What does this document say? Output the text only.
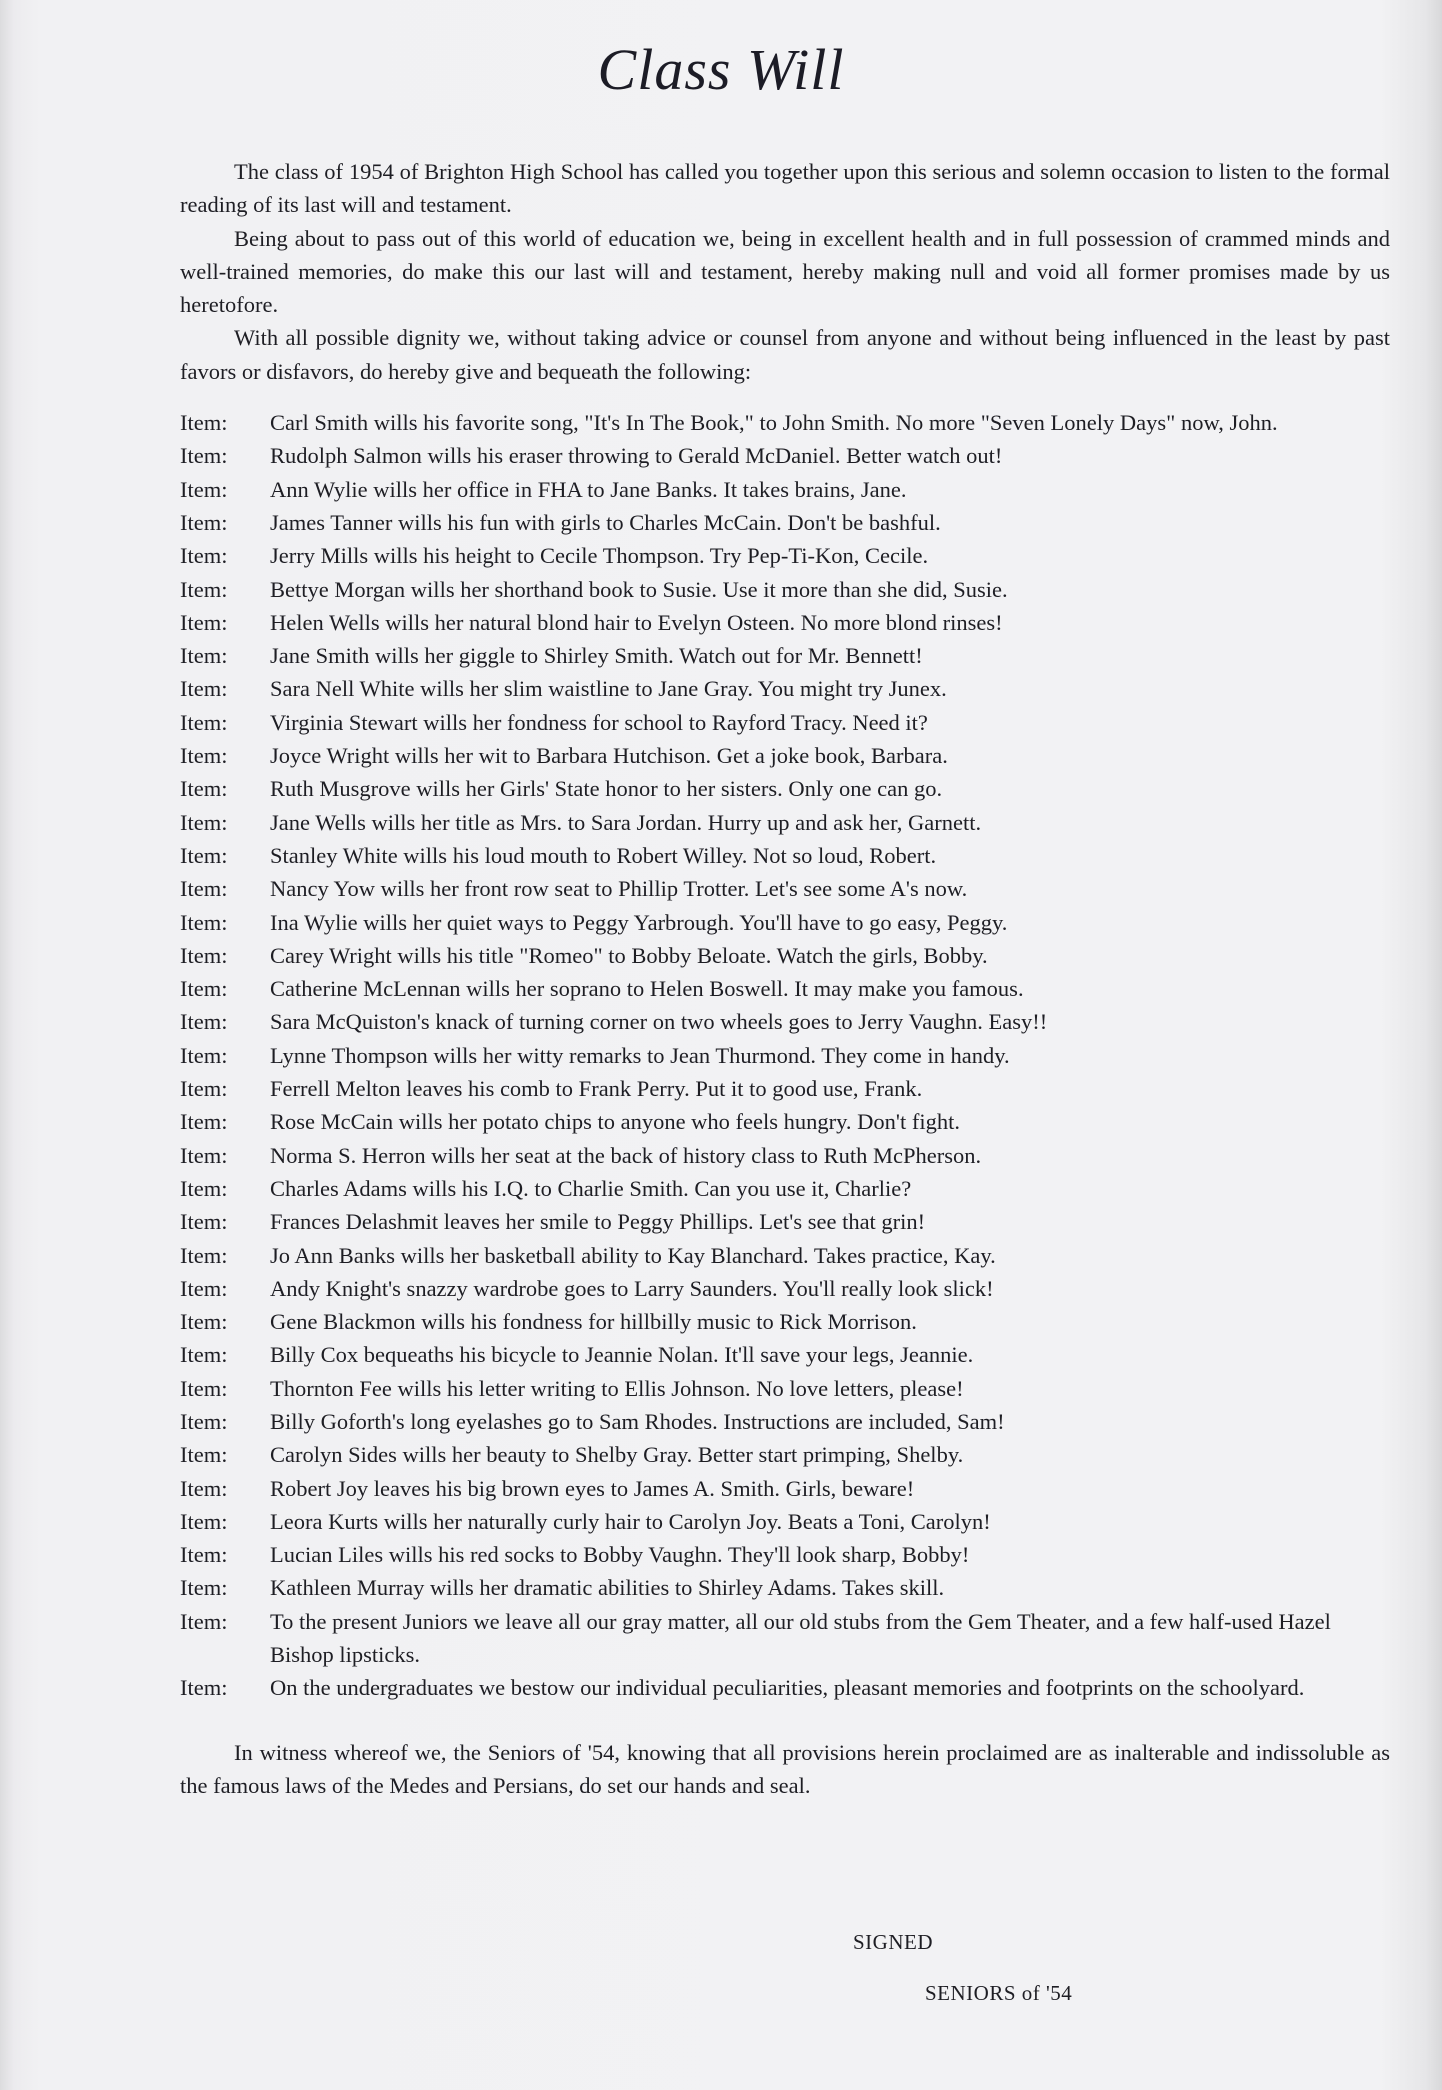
Class Will

The class of 1954 of Brighton High School has called you together upon this serious and solemn occasion to listen to the formal reading of its last will and testament.

Being about to pass out of this world of education we, being in excellent health and in full possession of crammed minds and well-trained memories, do make this our last will and testament, hereby making null and void all former promises made by us heretofore.

With all possible dignity we, without taking advice or counsel from anyone and without being influenced in the least by past favors or disfavors, do hereby give and bequeath the following:

Item:	Carl Smith wills his favorite song, "It's In The Book," to John Smith. No more "Seven Lonely Days" now, John.
Item:	Rudolph Salmon wills his eraser throwing to Gerald McDaniel. Better watch out!
Item:	Ann Wylie wills her office in FHA to Jane Banks. It takes brains, Jane.
Item:	James Tanner wills his fun with girls to Charles McCain. Don't be bashful.
Item:	Jerry Mills wills his height to Cecile Thompson. Try Pep-Ti-Kon, Cecile.
Item:	Bettye Morgan wills her shorthand book to Susie. Use it more than she did, Susie.
Item:	Helen Wells wills her natural blond hair to Evelyn Osteen. No more blond rinses!
Item:	Jane Smith wills her giggle to Shirley Smith. Watch out for Mr. Bennett!
Item:	Sara Nell White wills her slim waistline to Jane Gray. You might try Junex.
Item:	Virginia Stewart wills her fondness for school to Rayford Tracy. Need it?
Item:	Joyce Wright wills her wit to Barbara Hutchison. Get a joke book, Barbara.
Item:	Ruth Musgrove wills her Girls' State honor to her sisters. Only one can go.
Item:	Jane Wells wills her title as Mrs. to Sara Jordan. Hurry up and ask her, Garnett.
Item:	Stanley White wills his loud mouth to Robert Willey. Not so loud, Robert.
Item:	Nancy Yow wills her front row seat to Phillip Trotter. Let's see some A's now.
Item:	Ina Wylie wills her quiet ways to Peggy Yarbrough. You'll have to go easy, Peggy.
Item:	Carey Wright wills his title "Romeo" to Bobby Beloate. Watch the girls, Bobby.
Item:	Catherine McLennan wills her soprano to Helen Boswell. It may make you famous.
Item:	Sara McQuiston's knack of turning corner on two wheels goes to Jerry Vaughn. Easy!!
Item:	Lynne Thompson wills her witty remarks to Jean Thurmond. They come in handy.
Item:	Ferrell Melton leaves his comb to Frank Perry. Put it to good use, Frank.
Item:	Rose McCain wills her potato chips to anyone who feels hungry. Don't fight.
Item:	Norma S. Herron wills her seat at the back of history class to Ruth McPherson.
Item:	Charles Adams wills his I.Q. to Charlie Smith. Can you use it, Charlie?
Item:	Frances Delashmit leaves her smile to Peggy Phillips. Let's see that grin!
Item:	Jo Ann Banks wills her basketball ability to Kay Blanchard. Takes practice, Kay.
Item:	Andy Knight's snazzy wardrobe goes to Larry Saunders. You'll really look slick!
Item:	Gene Blackmon wills his fondness for hillbilly music to Rick Morrison.
Item:	Billy Cox bequeaths his bicycle to Jeannie Nolan. It'll save your legs, Jeannie.
Item:	Thornton Fee wills his letter writing to Ellis Johnson. No love letters, please!
Item:	Billy Goforth's long eyelashes go to Sam Rhodes. Instructions are included, Sam!
Item:	Carolyn Sides wills her beauty to Shelby Gray. Better start primping, Shelby.
Item:	Robert Joy leaves his big brown eyes to James A. Smith. Girls, beware!
Item:	Leora Kurts wills her naturally curly hair to Carolyn Joy. Beats a Toni, Carolyn!
Item:	Lucian Liles wills his red socks to Bobby Vaughn. They'll look sharp, Bobby!
Item:	Kathleen Murray wills her dramatic abilities to Shirley Adams. Takes skill.
Item:	To the present Juniors we leave all our gray matter, all our old stubs from the Gem Theater, and a few half-used Hazel Bishop lipsticks.
Item:	On the undergraduates we bestow our individual peculiarities, pleasant memories and footprints on the schoolyard.

In witness whereof we, the Seniors of '54, knowing that all provisions herein proclaimed are as inalterable and indissoluble as the famous laws of the Medes and Persians, do set our hands and seal.

SIGNED
SENIORS of '54
